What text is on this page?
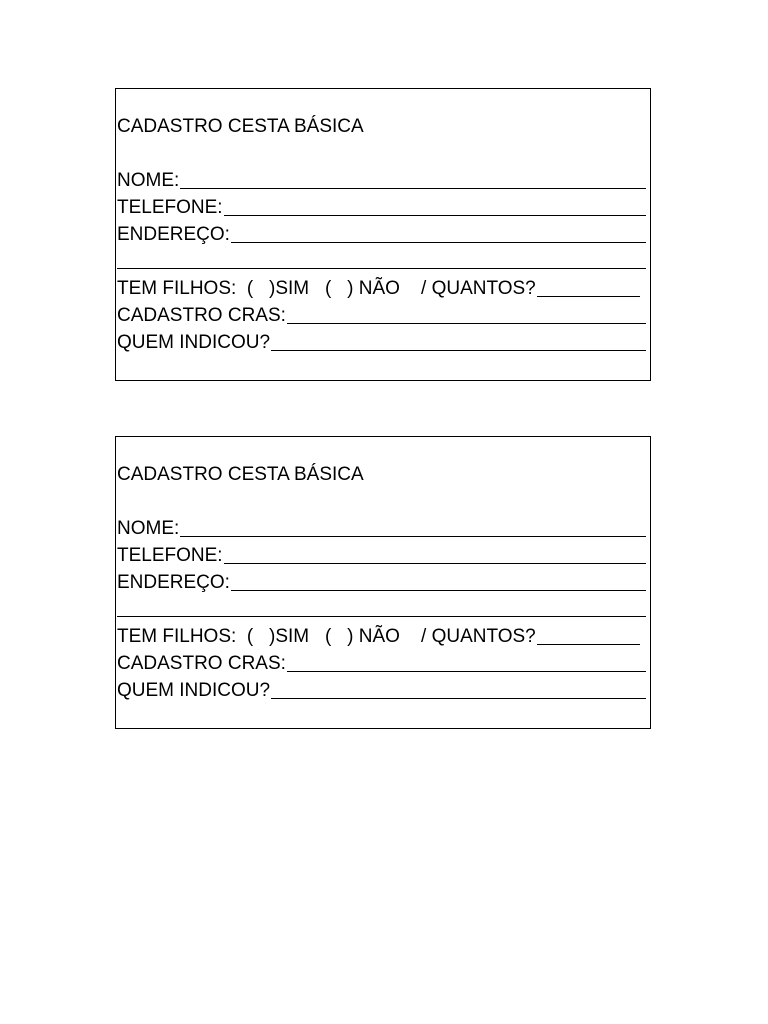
CADASTRO CESTA BÁSICA
NOME:
TELEFONE:
ENDEREÇO:
TEM FILHOS:  (   )SIM   (   ) NÃO    / QUANTOS?
CADASTRO CRAS:
QUEM INDICOU?
CADASTRO CESTA BÁSICA
NOME:
TELEFONE:
ENDEREÇO:
TEM FILHOS:  (   )SIM   (   ) NÃO    / QUANTOS?
CADASTRO CRAS:
QUEM INDICOU?
